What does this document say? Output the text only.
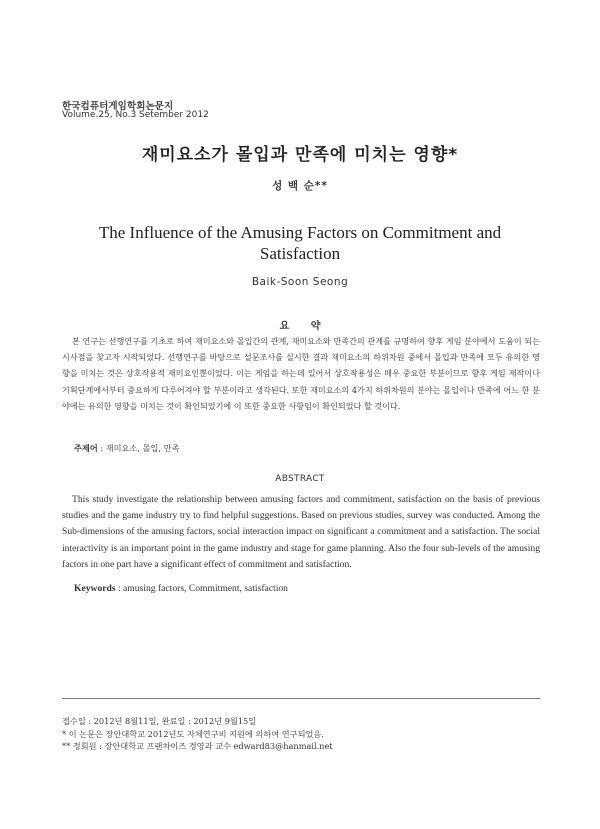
한국컴퓨터게임학회논문지
Volume.25, No.3 Setember 2012
재미요소가 몰입과 만족에 미치는 영향*
성 백 순**
The Influence of the Amusing Factors on Commitment and Satisfaction
Baik-Soon Seong
요 약

본 연구는 선행연구를 기초로 하여 재미요소와 몰입간의 관계, 재미요소와 만족간의 관계를 규명하여 향후 게임 분야에서 도움이 되는 시사점을 찾고자 시작되었다. 선행연구를 바탕으로 설문조사를 실시한 결과 재미요소의 하위차원 중에서 몰입과 만족에 모두 유의한 영향을 미치는 것은 상호작용적 재미요인뿐이었다. 이는 게임을 하는데 있어서 상호작용성은 매우 중요한 부분이므로 향후 게임 제작이나 기획단계에서부터 중요하게 다루어져야 할 부분이라고 생각된다. 또한 재미요소의 4가지 하위차원의 분야는 몰입이나 만족에 어느 한 분야에는 유의한 영향을 미치는 것이 확인되었기에 이 또한 중요한 사항임이 확인되었다 할 것이다.

주제어 : 재미요소, 몰입, 만족
ABSTRACT

This study investigate the relationship between amusing factors and commitment, satisfaction on the basis of previous studies and the game industry try to find helpful suggestions. Based on previous studies, survey was conducted. Among the Sub-dimensions of the amusing factors, social interaction impact on significant a commitment and a satisfaction. The social interactivity is an important point in the game industry and stage for game planning. Also the four sub-levels of the amusing factors in one part have a significant effect of commitment and satisfaction.

Keywords : amusing factors, Commitment, satisfaction
접수일 : 2012년 8월11일, 완료일 : 2012년 9월15일
* 이 논문은 장안대학교 2012년도 자체연구비 지원에 의하여 연구되었음.
** 정회원 : 장안대학교 프랜차이즈 경영과 교수 edward83@hanmail.net
